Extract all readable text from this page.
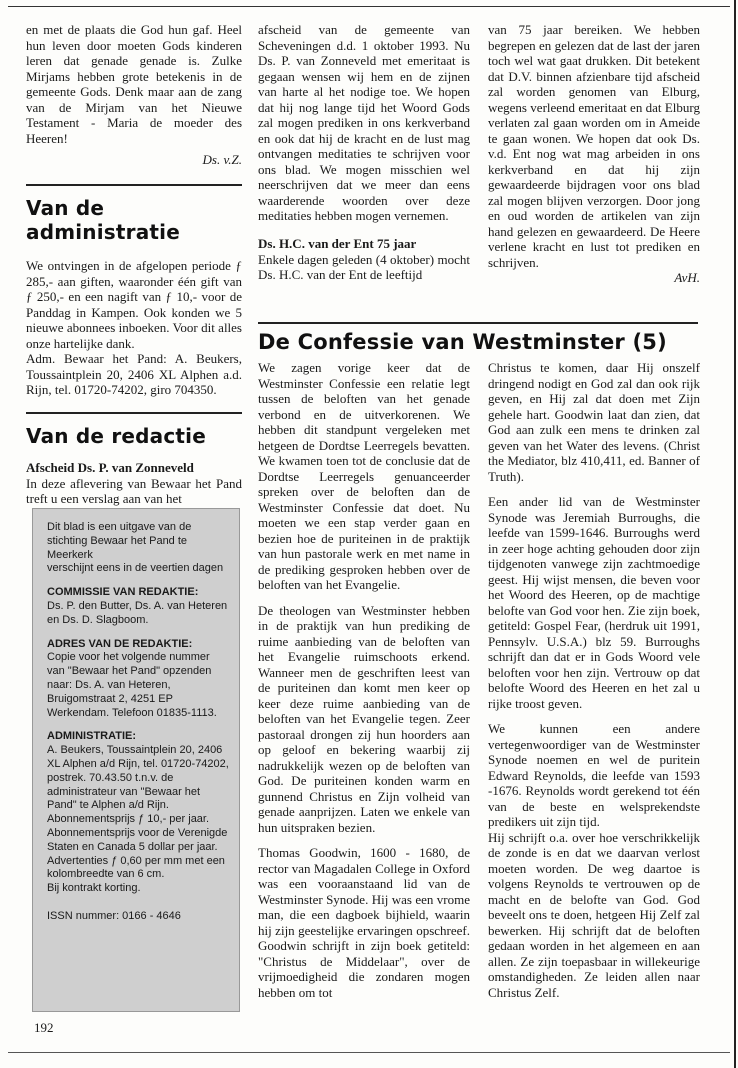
en met de plaats die God hun gaf. Heel hun leven door moeten Gods kinderen leren dat genade genade is. Zulke Mirjams hebben grote betekenis in de gemeente Gods. Denk maar aan de zang van de Mirjam van het Nieuwe Testament - Maria de moeder des Heeren!

Ds. v.Z.

Van de administratie

We ontvingen in de afgelopen periode ƒ 285,- aan giften, waaronder één gift van ƒ 250,- en een nagift van ƒ 10,- voor de Panddag in Kampen. Ook konden we 5 nieuwe abonnees inboeken. Voor dit alles onze hartelijke dank.

Adm. Bewaar het Pand: A. Beukers, Toussaintplein 20, 2406 XL Alphen a.d. Rijn, tel. 01720-74202, giro 704350.

Van de redactie
Afscheid Ds. P. van Zonneveld

In deze aflevering van Bewaar het Pand treft u een verslag aan van het

Dit blad is een uitgave van de stichting Bewaar het Pand te Meerkerk

verschijnt eens in de veertien dagen

COMMISSIE VAN REDAKTIE:

Ds. P. den Butter, Ds. A. van Heteren en Ds. D. Slagboom.

ADRES VAN DE REDAKTIE:

Copie voor het volgende nummer van "Bewaar het Pand" opzenden naar: Ds. A. van Heteren, Bruigomstraat 2, 4251 EP Werkendam. Telefoon 01835-1113.

ADMINISTRATIE:

A. Beukers, Toussaintplein 20, 2406 XL Alphen a/d Rijn, tel. 01720-74202, postrek. 70.43.50 t.n.v. de administrateur van "Bewaar het Pand" te Alphen a/d Rijn.

Abonnementsprijs ƒ 10,- per jaar.

Abonnementsprijs voor de Verenigde Staten en Canada 5 dollar per jaar.

Advertenties ƒ 0,60 per mm met een kolombreedte van 6 cm.

Bij kontrakt korting.

ISSN nummer: 0166 - 4646

afscheid van de gemeente van Scheveningen d.d. 1 oktober 1993. Nu Ds. P. van Zonneveld met emeritaat is gegaan wensen wij hem en de zijnen van harte al het nodige toe. We hopen dat hij nog lange tijd het Woord Gods zal mogen prediken in ons kerkverband en ook dat hij de kracht en de lust mag ontvangen meditaties te schrijven voor ons blad. We mogen misschien wel neerschrijven dat we meer dan eens waarderende woorden over deze meditaties hebben mogen vernemen.

Ds. H.C. van der Ent 75 jaar

Enkele dagen geleden (4 oktober) mocht Ds. H.C. van der Ent de leeftijd

van 75 jaar bereiken. We hebben begrepen en gelezen dat de last der jaren toch wel wat gaat drukken. Dit betekent dat D.V. binnen afzienbare tijd afscheid zal worden genomen van Elburg, wegens verleend emeritaat en dat Elburg verlaten zal gaan worden om in Ameide te gaan wonen. We hopen dat ook Ds. v.d. Ent nog wat mag arbeiden in ons kerkverband en dat hij zijn gewaardeerde bijdragen voor ons blad zal mogen blijven verzorgen. Door jong en oud worden de artikelen van zijn hand gelezen en gewaardeerd. De Heere verlene kracht en lust tot prediken en schrijven.

AvH.

De Confessie van Westminster (5)

We zagen vorige keer dat de Westminster Confessie een relatie legt tussen de beloften van het genade verbond en de uitverkorenen. We hebben dit standpunt vergeleken met hetgeen de Dordtse Leerregels bevatten. We kwamen toen tot de conclusie dat de Dordtse Leerregels genuanceerder spreken over de beloften dan de Westminster Confessie dat doet. Nu moeten we een stap verder gaan en bezien hoe de puriteinen in de praktijk van hun pastorale werk en met name in de prediking gesproken hebben over de beloften van het Evangelie.

De theologen van Westminster hebben in de praktijk van hun prediking de ruime aanbieding van de beloften van het Evangelie ruimschoots erkend. Wanneer men de geschriften leest van de puriteinen dan komt men keer op keer deze ruime aanbieding van de beloften van het Evangelie tegen. Zeer pastoraal drongen zij hun hoorders aan op geloof en bekering waarbij zij nadrukkelijk wezen op de beloften van God. De puriteinen konden warm en gunnend Christus en Zijn volheid van genade aanprijzen. Laten we enkele van hun uitspraken bezien.

Thomas Goodwin, 1600 - 1680, de rector van Magadalen College in Oxford was een vooraanstaand lid van de Westminster Synode. Hij was een vrome man, die een dagboek bijhield, waarin hij zijn geestelijke ervaringen opschreef. Goodwin schrijft in zijn boek getiteld: "Christus de Middelaar", over de vrijmoedigheid die zondaren mogen hebben om tot

Christus te komen, daar Hij onszelf dringend nodigt en God zal dan ook rijk geven, en Hij zal dat doen met Zijn gehele hart. Goodwin laat dan zien, dat God aan zulk een mens te drinken zal geven van het Water des levens. (Christ the Mediator, blz 410,411, ed. Banner of Truth).

Een ander lid van de Westminster Synode was Jeremiah Burroughs, die leefde van 1599-1646. Burroughs werd in zeer hoge achting gehouden door zijn tijdgenoten vanwege zijn zachtmoedige geest. Hij wijst mensen, die beven voor het Woord des Heeren, op de machtige belofte van God voor hen. Zie zijn boek, getiteld: Gospel Fear, (herdruk uit 1991, Pennsylv. U.S.A.) blz 59. Burroughs schrijft dan dat er in Gods Woord vele beloften voor hen zijn. Vertrouw op dat belofte Woord des Heeren en het zal u rijke troost geven.

We kunnen een andere vertegenwoordiger van de Westminster Synode noemen en wel de puritein Edward Reynolds, die leefde van 1593 -1676. Reynolds wordt gerekend tot één van de beste en welsprekendste predikers uit zijn tijd.

Hij schrijft o.a. over hoe verschrikkelijk de zonde is en dat we daarvan verlost moeten worden. De weg daartoe is volgens Reynolds te vertrouwen op de macht en de belofte van God. God beveelt ons te doen, hetgeen Hij Zelf zal bewerken. Hij schrijft dat de beloften gedaan worden in het algemeen en aan allen. Ze zijn toepasbaar in willekeurige omstandigheden. Ze leiden allen naar Christus Zelf.

192
